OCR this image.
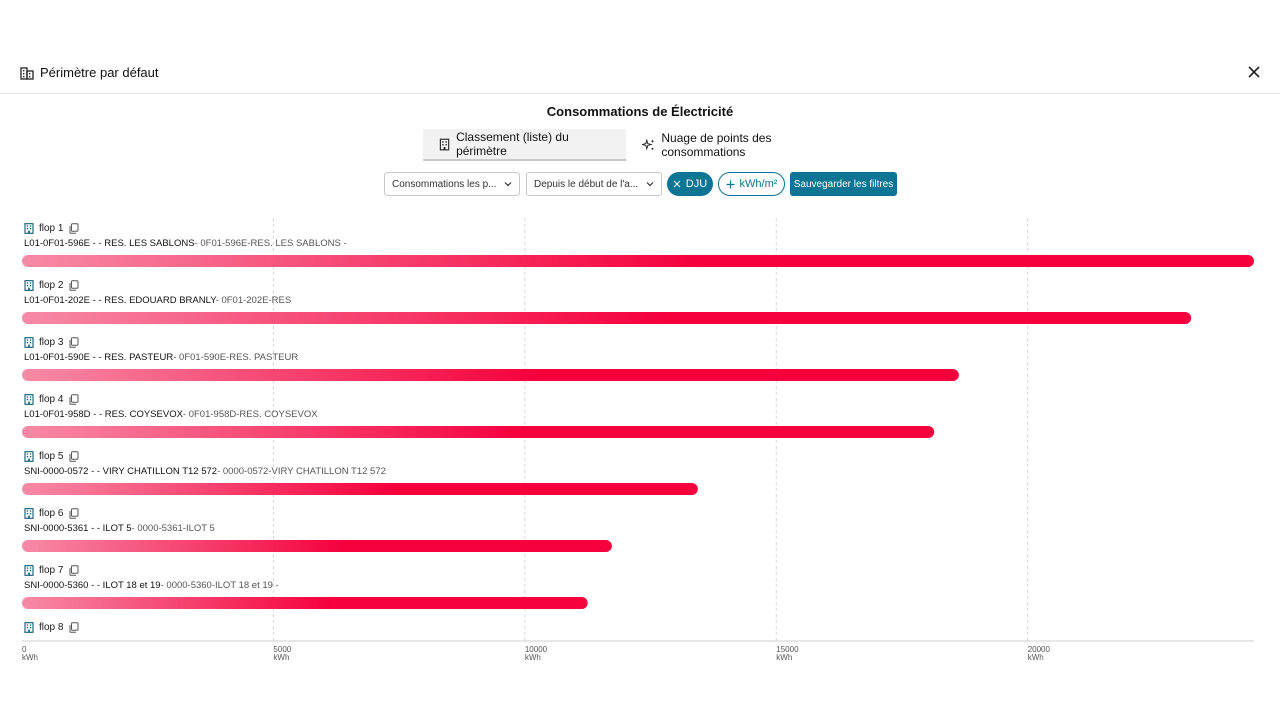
Périmètre par défaut
Consommations de Électricité
Classement (liste) du périmètre
Nuage de points des consommations
Consommations les p...	Depuis le début de l'a...	DJU	kWh/m²	Sauvegarder les filtres
0
kWh
5000
kWh
10000
kWh
15000
kWh
20000
kWh
flop 1
L01-0F01-596E - - RES. LES SABLONS- 0F01-596E-RES. LES SABLONS -
flop 2
L01-0F01-202E - - RES. EDOUARD BRANLY- 0F01-202E-RES
flop 3
L01-0F01-590E - - RES. PASTEUR- 0F01-590E-RES. PASTEUR
flop 4
L01-0F01-958D - - RES. COYSEVOX- 0F01-958D-RES. COYSEVOX
flop 5
SNI-0000-0572 - - VIRY CHATILLON T12 572- 0000-0572-VIRY CHATILLON T12 572
flop 6
SNI-0000-5361 - - ILOT 5- 0000-5361-ILOT 5
flop 7
SNI-0000-5360 - - ILOT 18 et 19- 0000-5360-ILOT 18 et 19 -
flop 8
